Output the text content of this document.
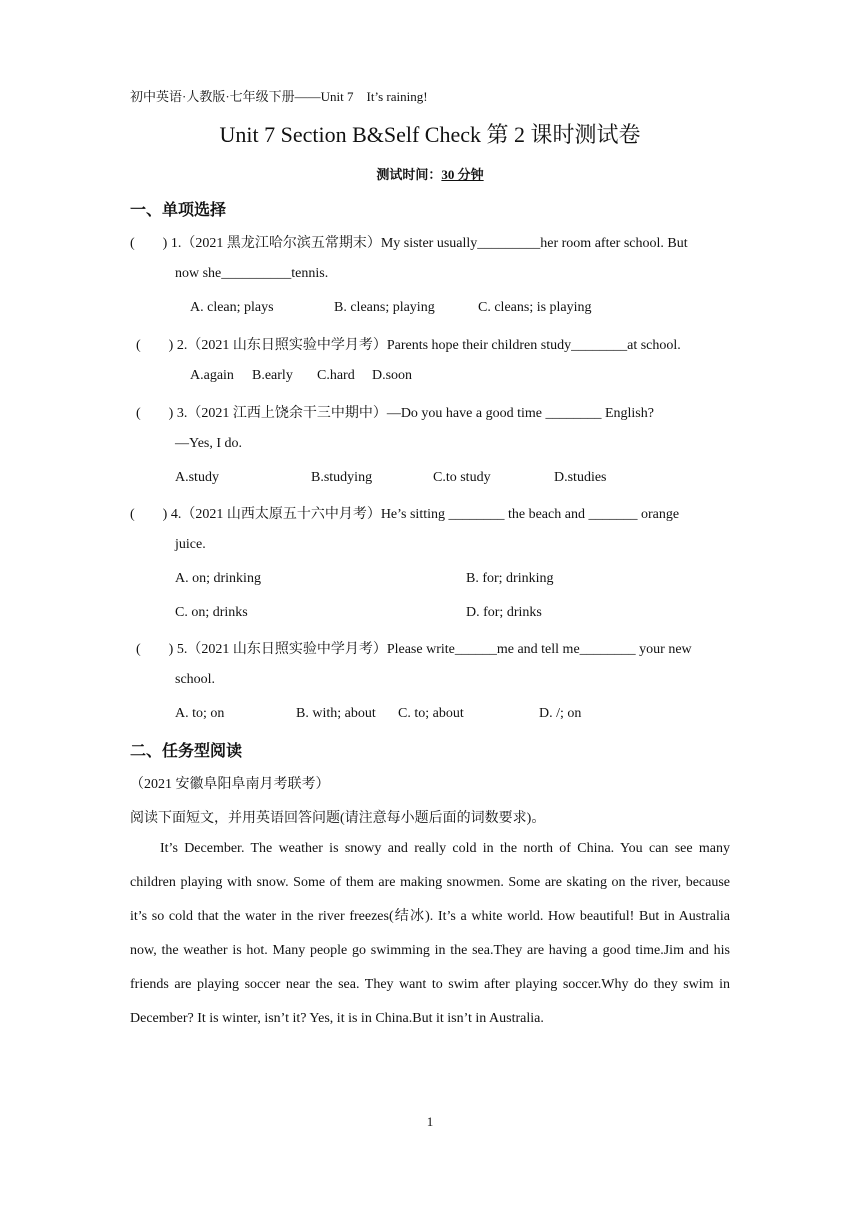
初中英语·人教版·七年级下册——Unit 7　It’s raining!
Unit 7 Section B&Self Check 第 2 课时测试卷
测试时间：30 分钟
一、单项选择
(　　) 1.（2021 黑龙江哈尔滨五常期末）My sister usually_________her room after school. But
now she__________tennis.
A. clean; plays	B. cleans; playing	C. cleans; is playing
(　　) 2.（2021 山东日照实验中学月考）Parents hope their children study________at school.
A.again B.early C.hard D.soon
(　　) 3.（2021 江西上饶余干三中期中）—Do you have a good time ________ English?
—Yes, I do.
A.study	B.studying	C.to study	D.studies
(　　) 4.（2021 山西太原五十六中月考）He’s sitting ________ the beach and _______ orange
juice.
A. on; drinking	B. for; drinking
C. on; drinks	D. for; drinks
(　　) 5.（2021 山东日照实验中学月考）Please write______me and tell me________ your new
school.
A. to; on	B. with; about C. to; about	D. /; on
二、任务型阅读
（2021 安徽阜阳阜南月考联考）
阅读下面短文，并用英语回答问题(请注意每小题后面的词数要求)。
It’s December. The weather is snowy and really cold in the north of China. You can see many children playing with snow. Some of them are making snowmen. Some are skating on the river, because it’s so cold that the water in the river freezes(结冰). It’s a white world. How beautiful! But in Australia now, the weather is hot. Many people go swimming in the sea.They are having a good time.Jim and his friends are playing soccer near the sea. They want to swim after playing soccer.Why do they swim in December? It is winter, isn’t it? Yes, it is in China.But it isn’t in Australia.
1
